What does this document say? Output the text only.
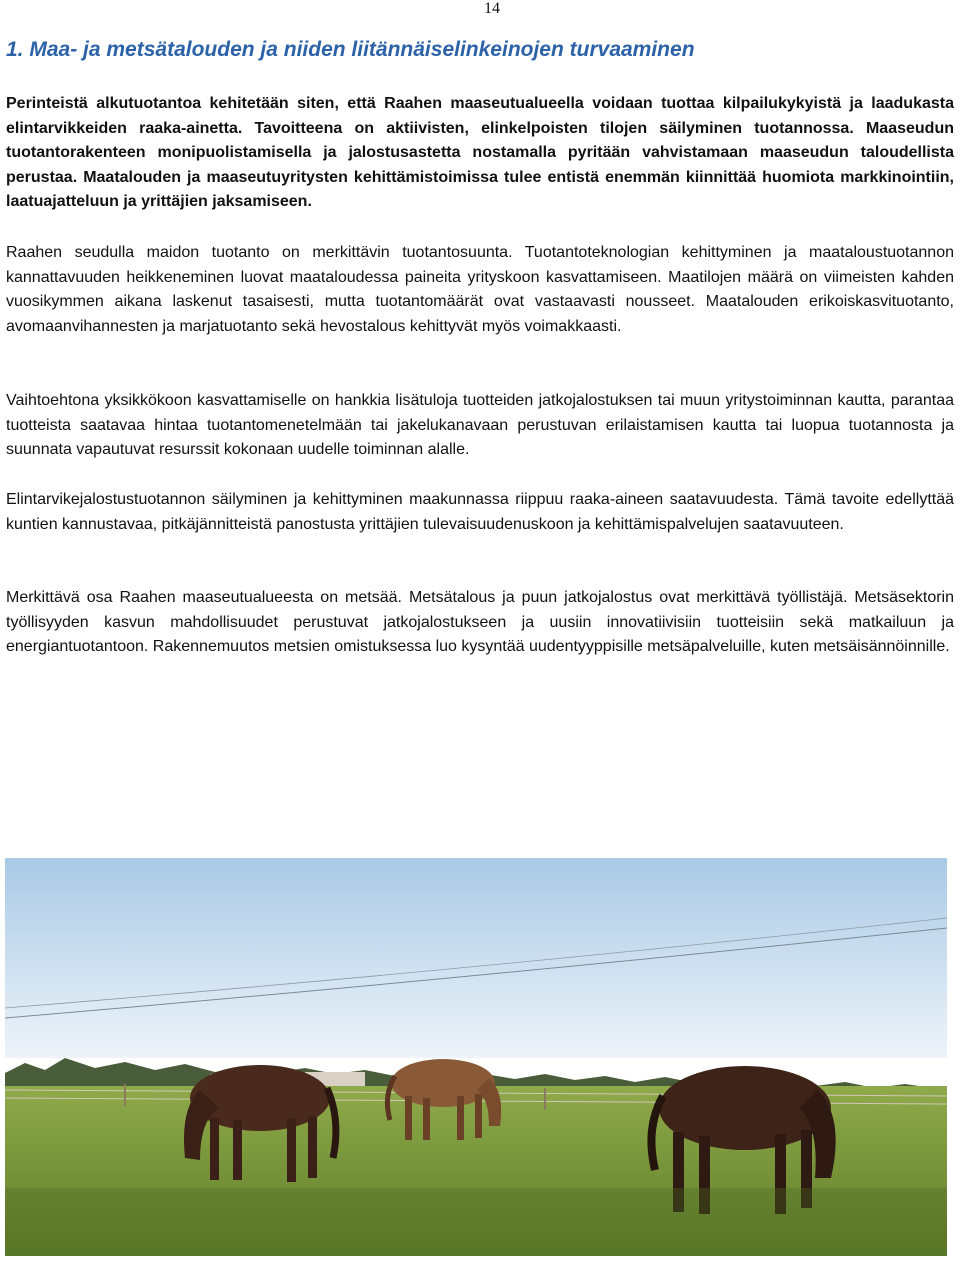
14
1. Maa- ja metsätalouden ja niiden liitännäiselinkeinojen turvaaminen

Perinteistä alkutuotantoa kehitetään siten, että Raahen maaseutualueella voidaan tuottaa kilpailukykyistä ja laadukasta elintarvikkeiden raaka-ainetta. Tavoitteena on aktiivisten, elinkelpoisten tilojen säilyminen tuotannossa. Maaseudun tuotantorakenteen monipuolistamisella ja jalostusastetta nostamalla pyritään vahvistamaan maaseudun taloudellista perustaa. Maatalouden ja maaseutuyritysten kehittämistoimissa tulee entistä enemmän kiinnittää huomiota markkinointiin, laatuajatteluun ja yrittäjien jaksamiseen.

Raahen seudulla maidon tuotanto on merkittävin tuotantosuunta. Tuotantoteknologian kehittyminen ja maataloustuotannon kannattavuuden heikkeneminen luovat maataloudessa paineita yrityskoon kasvattamiseen. Maatilojen määrä on viimeisten kahden vuosikymmen aikana laskenut tasaisesti, mutta tuotantomäärät ovat vastaavasti nousseet. Maatalouden erikoiskasvituotanto, avomaanvihannesten ja marjatuotanto sekä hevostalous kehittyvät myös voimakkaasti.

Vaihtoehtona yksikkökoon kasvattamiselle on hankkia lisätuloja tuotteiden jatkojalostuksen tai muun yritystoiminnan kautta, parantaa tuotteista saatavaa hintaa tuotantomenetelmään tai jakelukanavaan perustuvan erilaistamisen kautta tai luopua tuotannosta ja suunnata vapautuvat resurssit kokonaan uudelle toiminnan alalle.

Elintarvikejalostustuotannon säilyminen ja kehittyminen maakunnassa riippuu raaka-aineen saatavuudesta. Tämä tavoite edellyttää kuntien kannustavaa, pitkäjännitteistä panostusta yrittäjien tulevaisuudenuskoon ja kehittämispalvelujen saatavuuteen.

Merkittävä osa Raahen maaseutualueesta on metsää. Metsätalous ja puun jatkojalostus ovat merkittävä työllistäjä. Metsäsektorin työllisyyden kasvun mahdollisuudet perustuvat jatkojalostukseen ja uusiin innovatiivisiin tuotteisiin sekä matkailuun ja energiantuotantoon. Rakennemuutos metsien omistuksessa luo kysyntää uudentyyppisille metsäpalveluille, kuten metsäisännöinnille.
